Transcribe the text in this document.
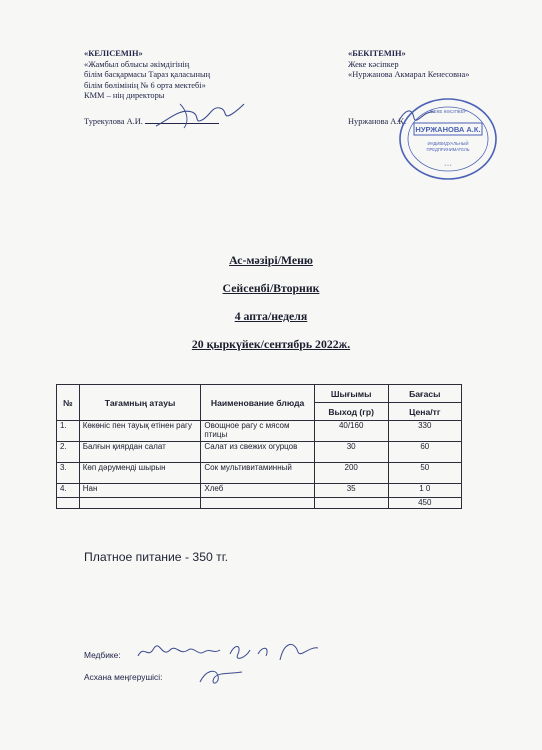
«КЕЛІСЕМІН»
«Жамбыл облысы әкімдігінің
білім басқармасы Тараз қаласының
білім бөлімінің № 6 орта мектебі»
КММ – нің директоры
Турекулова А.И.
«БЕКІТЕМІН»
Жеке кәсіпкер
«Нуржанова Акмарал Кенесовна»
Нуржанова А.К.
НУРЖАНОВА А.К.
ИНДИВИДУАЛЬНЫЙ
ПРЕДПРИНИМАТЕЛЬ
ЖЕКЕ КӘСІПКЕР
* * *
Ас-мәзірі/Меню
Сейсенбі/Вторник
4 апта/неделя
20 қыркүйек/сентябрь 2022ж.
№	Тағамның атауы	Наименование блюда	Шығымы	Бағасы
			Выход (гр)	Цена/тг
1.	Көкөніс пен тауық етінен рагу	Овощное рагу с мясом птицы	40/160	330
2.	Балғын қиярдан салат	Салат из свежих огурцов	30	60
3.	Көп дәруменді шырын	Сок мультивитаминный	200	50
4.	Нан	Хлеб	35	1 0
				450
Платное питание - 350 тг.
Медбике:
Асхана меңгерушісі:
